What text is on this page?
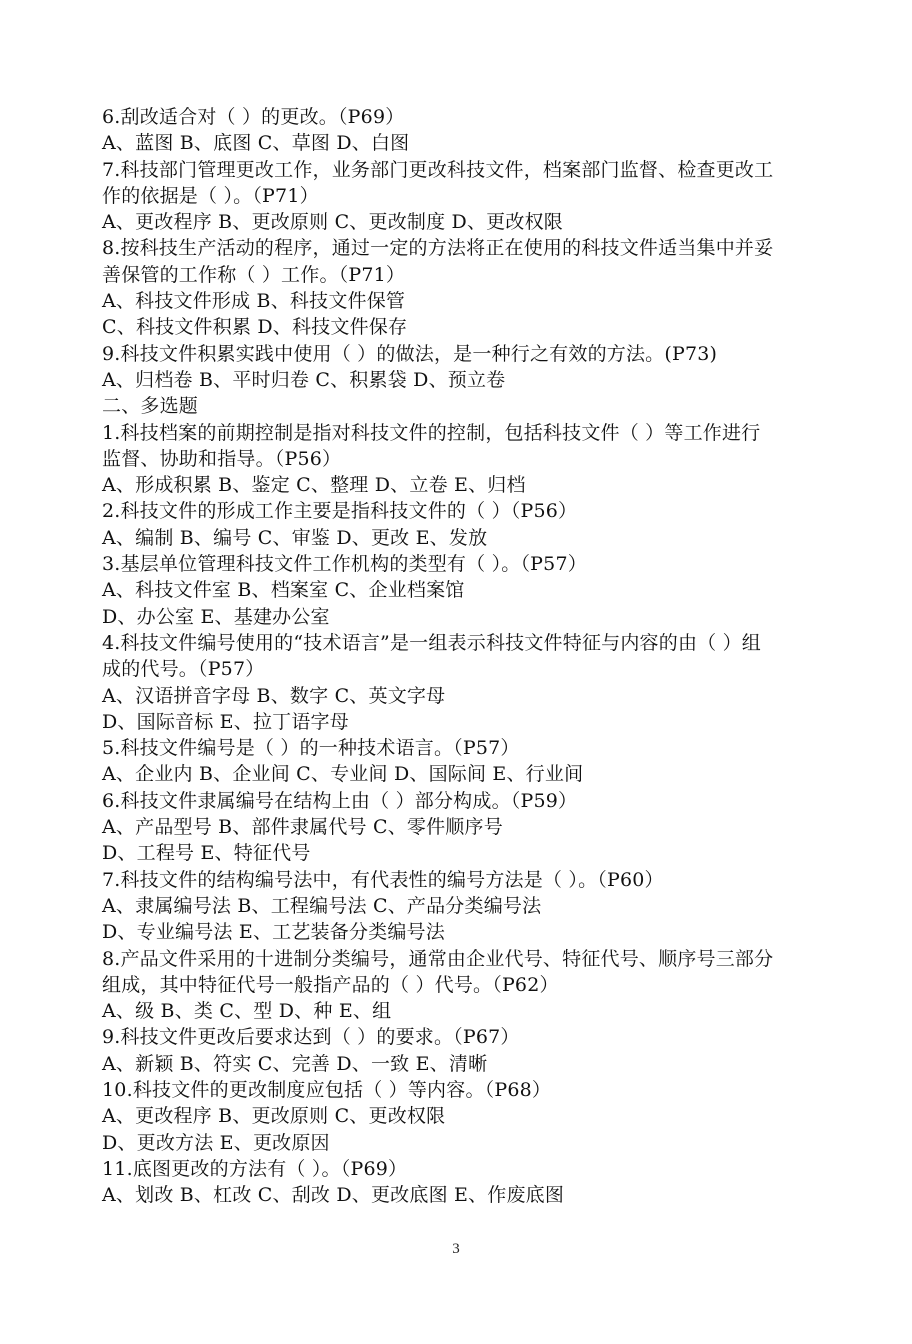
6.刮改适合对（ ）的更改。（P69）
A、蓝图 B、底图 C、草图 D、白图
7.科技部门管理更改工作，业务部门更改科技文件，档案部门监督、检查更改工
作的依据是（ ）。（P71）
A、更改程序 B、更改原则 C、更改制度 D、更改权限
8.按科技生产活动的程序，通过一定的方法将正在使用的科技文件适当集中并妥
善保管的工作称（ ）工作。（P71）
A、科技文件形成 B、科技文件保管
C、科技文件积累 D、科技文件保存
9.科技文件积累实践中使用（ ）的做法，是一种行之有效的方法。(P73)
A、归档卷 B、平时归卷 C、积累袋 D、预立卷
二、多选题
1.科技档案的前期控制是指对科技文件的控制，包括科技文件（ ）等工作进行
监督、协助和指导。（P56）
A、形成积累 B、鉴定 C、整理 D、立卷 E、归档
2.科技文件的形成工作主要是指科技文件的（ ）（P56）
A、编制 B、编号 C、审鉴 D、更改 E、发放
3.基层单位管理科技文件工作机构的类型有（ ）。（P57）
A、科技文件室 B、档案室 C、企业档案馆
D、办公室 E、基建办公室
4.科技文件编号使用的“技术语言”是一组表示科技文件特征与内容的由（ ）组
成的代号。（P57）
A、汉语拼音字母 B、数字 C、英文字母
D、国际音标 E、拉丁语字母
5.科技文件编号是（ ）的一种技术语言。（P57）
A、企业内 B、企业间 C、专业间 D、国际间 E、行业间
6.科技文件隶属编号在结构上由（ ）部分构成。（P59）
A、产品型号 B、部件隶属代号 C、零件顺序号
D、工程号 E、特征代号
7.科技文件的结构编号法中，有代表性的编号方法是（ ）。（P60）
A、隶属编号法 B、工程编号法 C、产品分类编号法
D、专业编号法 E、工艺装备分类编号法
8.产品文件采用的十进制分类编号，通常由企业代号、特征代号、顺序号三部分
组成，其中特征代号一般指产品的（ ）代号。（P62）
A、级 B、类 C、型 D、种 E、组
9.科技文件更改后要求达到（ ）的要求。（P67）
A、新颖 B、符实 C、完善 D、一致 E、清晰
10.科技文件的更改制度应包括（ ）等内容。（P68）
A、更改程序 B、更改原则 C、更改权限
D、更改方法 E、更改原因
11.底图更改的方法有（ ）。（P69）
A、划改 B、杠改 C、刮改 D、更改底图 E、作废底图
3
